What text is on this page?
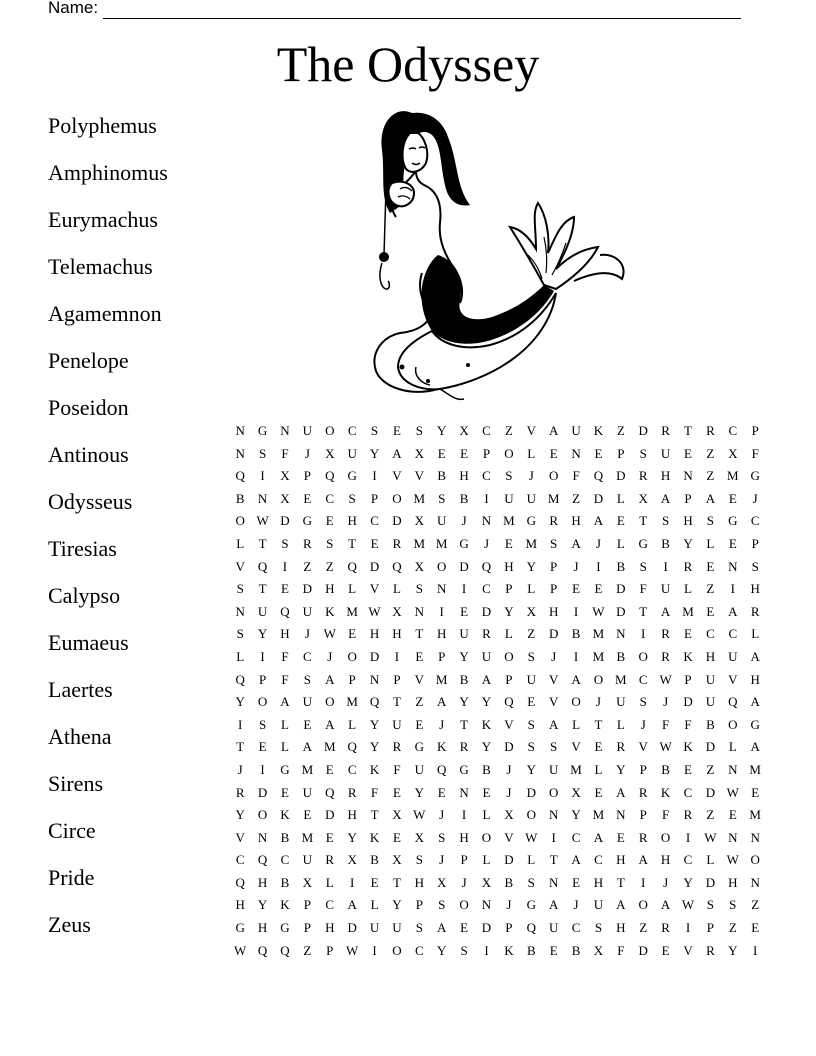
Name:
The Odyssey
Polyphemus
Amphinomus
Eurymachus
Telemachus
Agamemnon
Penelope
Poseidon
Antinous
Odysseus
Tiresias
Calypso
Eumaeus
Laertes
Athena
Sirens
Circe
Pride
Zeus
N	G	N	U	O	C	S	E	S	Y	X	C	Z	V	A	U	K	Z	D	R	T	R	C	P
N	S	F	J	X	U	Y	A	X	E	E	P	O	L	E	N	E	P	S	U	E	Z	X	F
Q	I	X	P	Q	G	I	V	V	B	H	C	S	J	O	F	Q	D	R	H	N	Z M G
B	N	X	E	C	S	P	O M	S	B	I	U	U M Z	D	L	X	A	P	A	E	J
O W D	G	E	H	C	D	X	U	J	N M G	R	H	A	E	T	S	H	S	G	C
L	T	S	R	S	T	E	R M M G	J	E M	S	A	J	L	G	B	Y	L	E	P
V	Q	I	Z	Z	Q	D	Q	X	O	D	Q	H	Y	P	J	I	B	S	I	R	E	N	S
S	T	E	D	H	L	V	L	S	N	I	C	P	L	P	E	E	D	F	U	L	Z	I	H
N	U	Q	U	K M W X	N	I	E	D	Y	X	H	I	W D	T	A M E	A	R
S	Y	H	J	W E	H	H	T	H	U	R	L	Z	D	B M N	I	R	E	C	C	L
L	I	F	C	J	O	D	I	E	P	Y	U	O	S	J	I	M B	O	R	K	H	U	A
Q	P	F	S	A	P	N	P	V M B	A	P	U	V	A	O M C W P	U	V	H
Y	O	A	U	O M Q	T	Z	A	Y	Y	Q	E	V	O	J	U	S	J	D	U	Q	A
I	S	L	E	A	L	Y	U	E	J	T	K	V	S	A	L	T	L	J	F	F	B	O	G
T	E	L	A M Q	Y	R	G	K	R	Y	D	S	S	V	E	R	V W K	D	L	A
J	I	G M E	C	K	F	U	Q	G	B	J	Y	U M L	Y	P	B	E	Z	N M
R	D	E	U	Q	R	F	E	Y	E	N	E	J	D	O	X	E	A	R	K	C	D W E
Y	O	K	E	D	H	T	X W	J	I	L	X	O	N	Y M N	P	F	R	Z	E M
V	N	B M E	Y	K	E	X	S	H	O	V W	I	C	A	E	R	O	I	W N	N
C	Q	C	U	R	X	B	X	S	J	P	L	D	L	T	A	C	H	A	H	C	L W O
Q	H	B	X	L	I	E	T	H	X	J	X	B	S	N	E	H	T	I	J	Y	D	H	N
H	Y	K	P	C	A	L	Y	P	S	O	N	J	G	A	J	U	A	O	A W S	S	Z
G	H	G	P	H	D	U	U	S	A	E	D	P	Q	U	C	S	H	Z	R	I	P	Z	E
W Q	Q	Z	P W	I	O	C	Y	S	I	K	B	E	B	X	F	D	E	V	R	Y	I
